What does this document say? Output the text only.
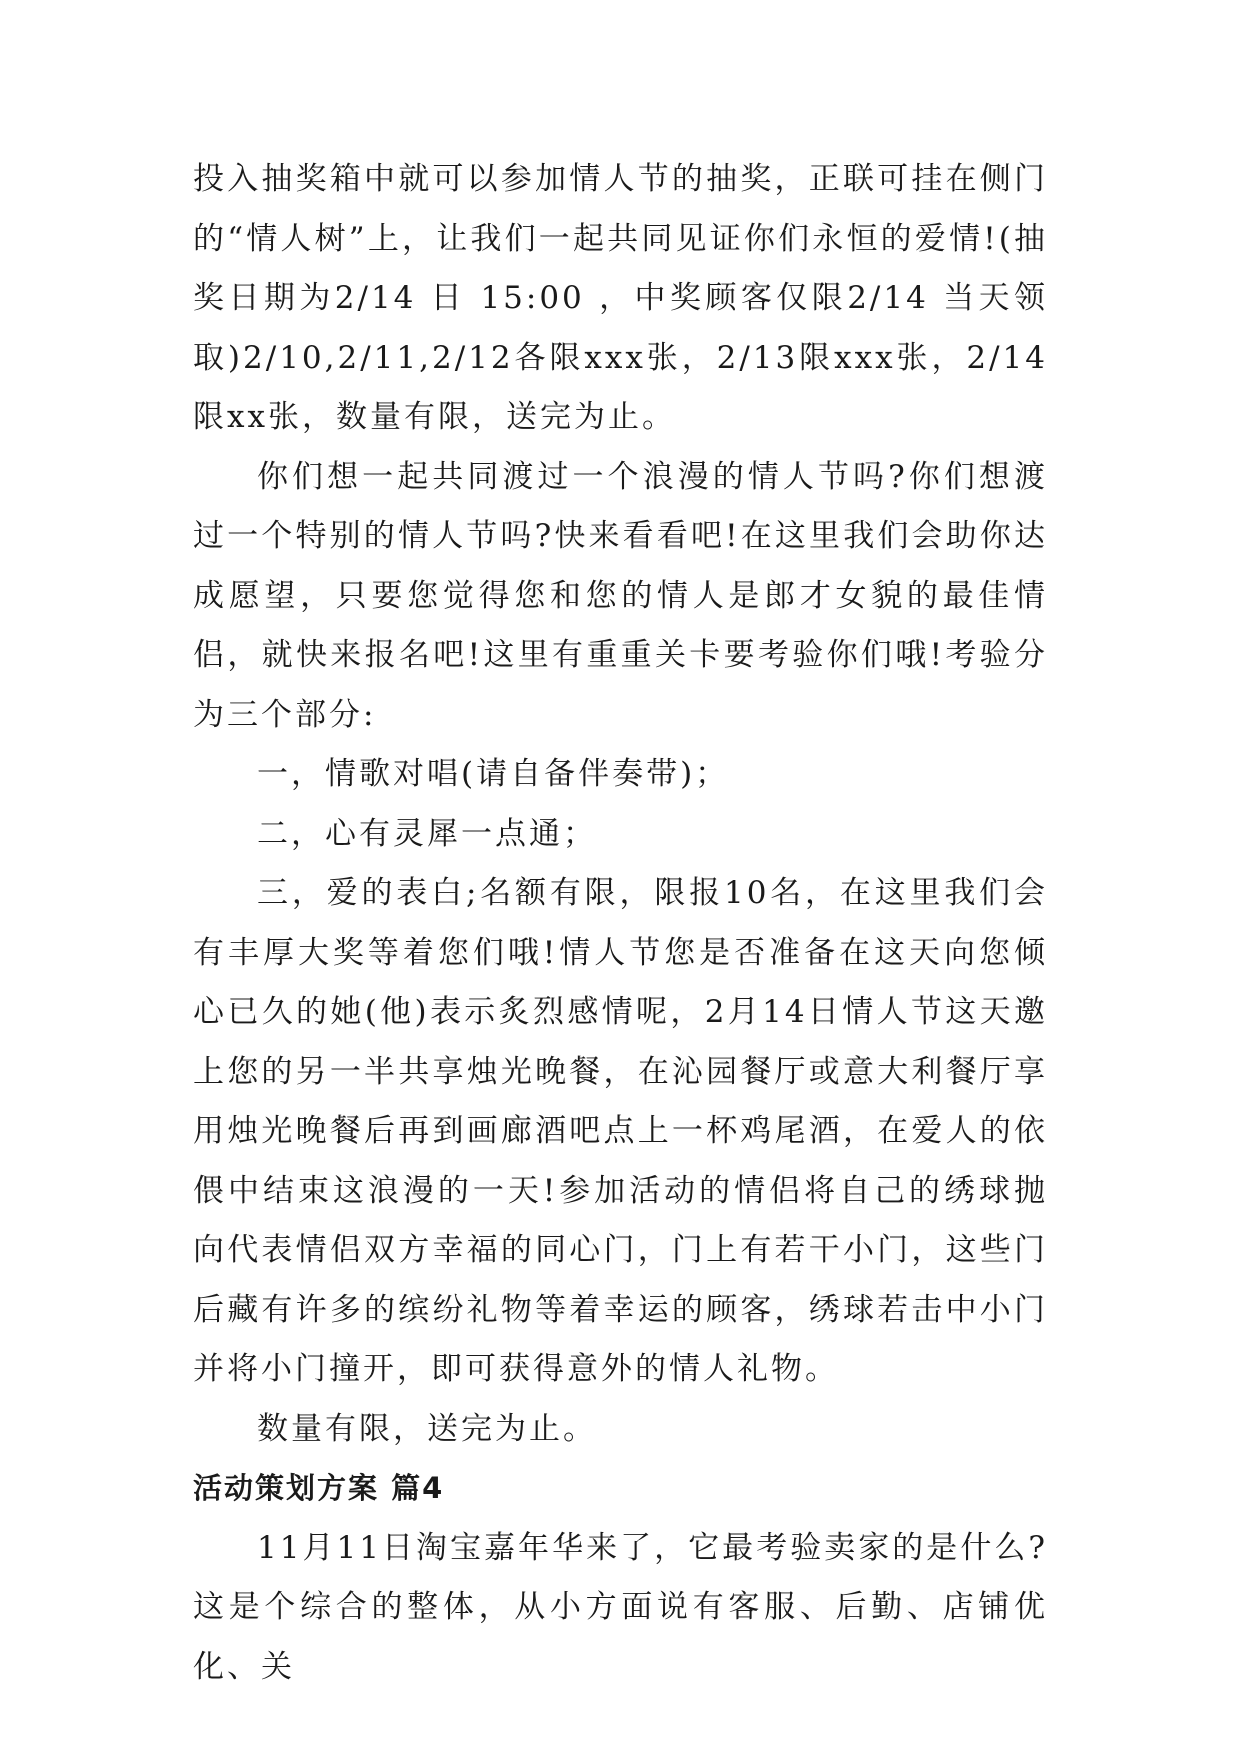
投入抽奖箱中就可以参加情人节的抽奖，正联可挂在侧门的“情人树”上，让我们一起共同见证你们永恒的爱情!(抽奖日期为2/14 日 15:00 ，中奖顾客仅限2/14 当天领取)2/10,2/11,2/12各限xxx张，2/13限xxx张，2/14限xx张，数量有限，送完为止。

你们想一起共同渡过一个浪漫的情人节吗?你们想渡过一个特别的情人节吗?快来看看吧!在这里我们会助你达成愿望，只要您觉得您和您的情人是郎才女貌的最佳情侣，就快来报名吧!这里有重重关卡要考验你们哦!考验分为三个部分:

一，情歌对唱(请自备伴奏带)；

二，心有灵犀一点通；

三，爱的表白;名额有限，限报10名，在这里我们会有丰厚大奖等着您们哦!情人节您是否准备在这天向您倾心已久的她(他)表示炙烈感情呢，2月14日情人节这天邀上您的另一半共享烛光晚餐，在沁园餐厅或意大利餐厅享用烛光晚餐后再到画廊酒吧点上一杯鸡尾酒，在爱人的依偎中结束这浪漫的一天!参加活动的情侣将自己的绣球抛向代表情侣双方幸福的同心门，门上有若干小门，这些门后藏有许多的缤纷礼物等着幸运的顾客，绣球若击中小门并将小门撞开，即可获得意外的情人礼物。

数量有限，送完为止。

活动策划方案 篇4

11月11日淘宝嘉年华来了，它最考验卖家的是什么?这是个综合的整体，从小方面说有客服、后勤、店铺优化、关
